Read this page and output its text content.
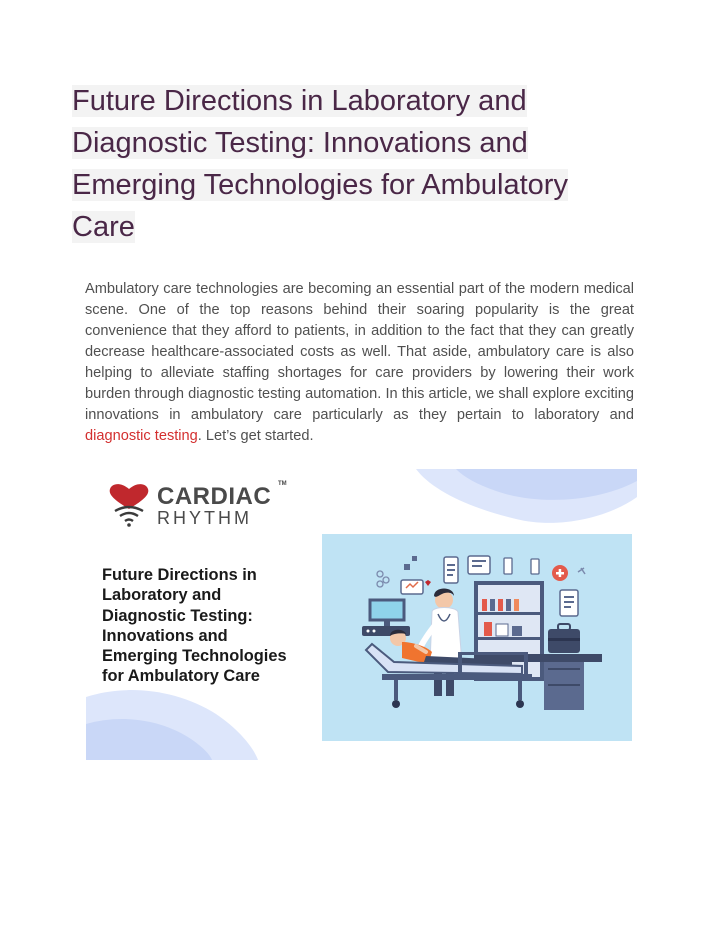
Future Directions in Laboratory and
Diagnostic Testing: Innovations and
Emerging Technologies for Ambulatory
Care

Ambulatory care technologies are becoming an essential part of the modern medical scene. One of the top reasons behind their soaring popularity is the great convenience that they afford to patients, in addition to the fact that they can greatly decrease healthcare-associated costs as well. That aside, ambulatory care is also helping to alleviate staffing shortages for care providers by lowering their work burden through diagnostic testing automation. In this article, we shall explore exciting innovations in ambulatory care particularly as they pertain to laboratory and diagnostic testing. Let’s get started.

CARDIAC TM
RHYTHM

Future Directions in
Laboratory and
Diagnostic Testing:
Innovations and
Emerging Technologies
for Ambulatory Care
